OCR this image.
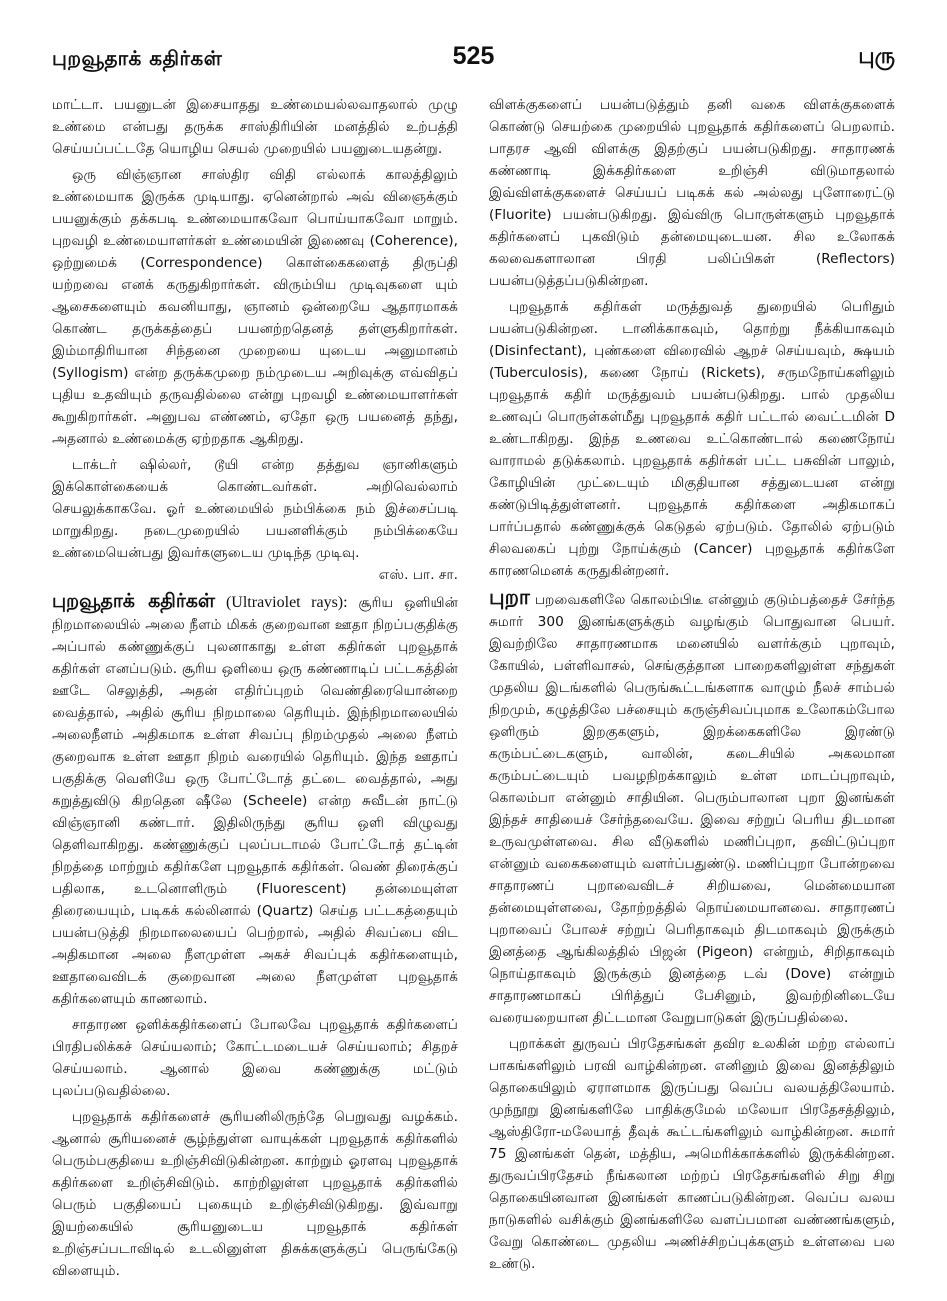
புறவூதாக் கதிர்கள்	525	புரு

மாட்டா. பயனுடன் இசையாதது உண்மையல்லவாதலால் முழு உண்மை என்பது தருக்க சாஸ்திரியின் மனத்தில் உற்பத்தி செய்யப்பட்டதே யொழிய செயல் முறையில் பயனுடையதன்று.

ஒரு விஞ்ஞான சாஸ்திர விதி எல்லாக் காலத்திலும் உண்மையாக இருக்க முடியாது. ஏனென்றால் அவ் விஞைக்கும் பயனுக்கும் தக்கபடி உண்மையாகவோ பொய்யாகவோ மாறும். புறவழி உண்மையாளர்கள் உண்மையின் இணைவு (Coherence), ஒற்றுமைக் (Correspondence) கொள்கைகளைத் திருப்தி யற்றவை எனக் கருதுகிறார்கள். விரும்பிய முடிவுகளை யும் ஆசைகளையும் கவனியாது, ஞானம் ஒன்றையே ஆதாரமாகக் கொண்ட தருக்கத்தைப் பயனற்றதெனத் தள்ளுகிறார்கள். இம்மாதிரியான சிந்தனை முறையை யுடைய அனுமானம் (Syllogism) என்ற தருக்கமுறை நம்முடைய அறிவுக்கு எவ்விதப் புதிய உதவியும் தருவதில்லை என்று புறவழி உண்மையாளர்கள் கூறுகிறார்கள். அனுபவ எண்ணம், ஏதோ ஒரு பயனைத் தந்து, அதனால் உண்மைக்கு ஏற்றதாக ஆகிறது.

டாக்டர் ஷில்லர், டூயி என்ற தத்துவ ஞானிகளும் இக்கொள்கையைக் கொண்டவர்கள். அறிவெல்லாம் செயலுக்காகவே. ஓர் உண்மையில் நம்பிக்கை நம் இச்சைப்படி மாறுகிறது. நடைமுறையில் பயனளிக்கும் நம்பிக்கையே உண்மையென்பது இவர்களுடைய முடிந்த முடிவு.

எஸ். பா. சா.

புறவூதாக் கதிர்கள் (Ultraviolet rays): சூரிய ஒளியின் நிறமாலையில் அலை நீளம் மிகக் குறைவான ஊதா நிறப்பகுதிக்கு அப்பால் கண்ணுக்குப் புலனாகாது உள்ள கதிர்கள் புறவூதாக் கதிர்கள் எனப்படும். சூரிய ஒளியை ஒரு கண்ணாடிப் பட்டகத்தின் ஊடே செலுத்தி, அதன் எதிர்ப்புறம் வெண்திரையொன்றை வைத்தால், அதில் சூரிய நிறமாலை தெரியும். இந்நிறமாலையில் அலைநீளம் அதிகமாக உள்ள சிவப்பு நிறம்முதல் அலை நீளம் குறைவாக உள்ள ஊதா நிறம் வரையில் தெரியும். இந்த ஊதாப் பகுதிக்கு வெளியே ஒரு போட்டோத் தட்டை வைத்தால், அது கறுத்துவிடு கிறதென ஷீலே (Scheele) என்ற சுவீடன் நாட்டு விஞ்ஞானி கண்டார். இதிலிருந்து சூரிய ஒளி விழுவது தெளிவாகிறது. கண்ணுக்குப் புலப்படாமல் போட்டோத் தட்டின் நிறத்தை மாற்றும் கதிர்களே புறவூதாக் கதிர்கள். வெண் திரைக்குப் பதிலாக, உடனொளிரும் (Fluorescent) தன்மையுள்ள திரையையும், படிகக் கல்லினால் (Quartz) செய்த பட்டகத்தையும் பயன்படுத்தி நிறமாலையைப் பெற்றால், அதில் சிவப்பை விட அதிகமான அலை நீளமுள்ள அகச் சிவப்புக் கதிர்களையும், ஊதாவைவிடக் குறைவான அலை நீளமுள்ள புறவூதாக் கதிர்களையும் காணலாம்.

சாதாரண ஒளிக்கதிர்களைப் போலவே புறவூதாக் கதிர்களைப் பிரதிபலிக்கச் செய்யலாம்; கோட்டமடையச் செய்யலாம்; சிதறச் செய்யலாம். ஆனால் இவை கண்ணுக்கு மட்டும் புலப்படுவதில்லை.

புறவூதாக் கதிர்களைச் சூரியனிலிருந்தே பெறுவது வழக்கம். ஆனால் சூரியனைச் சூழ்ந்துள்ள வாயுக்கள் புறவூதாக் கதிர்களில் பெரும்பகுதியை உறிஞ்சிவிடுகின்றன. காற்றும் ஓரளவு புறவூதாக் கதிர்களை உறிஞ்சிவிடும். காற்றிலுள்ள புறவூதாக் கதிர்களில் பெரும் பகுதியைப் புகையும் உறிஞ்சிவிடுகிறது. இவ்வாறு இயற்கையில் சூரியனுடைய புறவூதாக் கதிர்கள் உறிஞ்சப்படாவிடில் உடலினுள்ள திசுக்களுக்குப் பெருங்கேடு விளையும்.

விளக்குகளைப் பயன்படுத்தும் தனி வகை விளக்குகளைக் கொண்டு செயற்கை முறையில் புறவூதாக் கதிர்களைப் பெறலாம். பாதரச ஆவி விளக்கு இதற்குப் பயன்படுகிறது. சாதாரணக் கண்ணாடி இக்கதிர்களை உறிஞ்சி விடுமாதலால் இவ்விளக்குகளைச் செய்யப் படிகக் கல் அல்லது புளோரைட்டு (Fluorite) பயன்படுகிறது. இவ்விரு பொருள்களும் புறவூதாக் கதிர்களைப் புகவிடும் தன்மையுடையன. சில உலோகக் கலவைகளாலான பிரதி பலிப்பிகள் (Reflectors) பயன்படுத்தப்படுகின்றன.

புறவூதாக் கதிர்கள் மருத்துவத் துறையில் பெரிதும் பயன்படுகின்றன. டானிக்காகவும், தொற்று நீக்கியாகவும் (Disinfectant), புண்களை விரைவில் ஆறச் செய்யவும், க்ஷயம் (Tuberculosis), கணை நோய் (Rickets), சருமநோய்களிலும் புறவூதாக் கதிர் மருத்துவம் பயன்படுகிறது. பால் முதலிய உணவுப் பொருள்கள்மீது புறவூதாக் கதிர் பட்டால் வைட்டமின் D உண்டாகிறது. இந்த உணவை உட்கொண்டால் கணைநோய் வாராமல் தடுக்கலாம். புறவூதாக் கதிர்கள் பட்ட பசுவின் பாலும், கோழியின் முட்டையும் மிகுதியான சத்துடையன என்று கண்டுபிடித்துள்ளனர். புறவூதாக் கதிர்களை அதிகமாகப் பார்ப்பதால் கண்ணுக்குக் கெடுதல் ஏற்படும். தோலில் ஏற்படும் சிலவகைப் புற்று நோய்க்கும் (Cancer) புறவூதாக் கதிர்களே காரணமெனக் கருதுகின்றனர்.

புறா பறவைகளிலே கொலம்பிடீ என்னும் குடும்பத்தைச் சேர்ந்த சுமார் 300 இனங்களுக்கும் வழங்கும் பொதுவான பெயர். இவற்றிலே சாதாரணமாக மனையில் வளர்க்கும் புறாவும், கோயில், பள்ளிவாசல், செங்குத்தான பாறைகளிலுள்ள சந்துகள் முதலிய இடங்களில் பெருங்கூட்டங்களாக வாழும் நீலச் சாம்பல் நிறமும், கழுத்திலே பச்சையும் கருஞ்சிவப்புமாக உலோகம்போல ஒளிரும் இறகுகளும், இறக்கைகளிலே இரண்டு கரும்பட்டைகளும், வாலின், கடைசியில் அகலமான கரும்பட்டையும் பவழநிறக்காலும் உள்ள மாடப்புறாவும், கொலம்பா என்னும் சாதியின. பெரும்பாலான புறா இனங்கள் இந்தச் சாதியைச் சேர்ந்தவையே. இவை சற்றுப் பெரிய திடமான உருவமுள்ளவை. சில வீடுகளில் மணிப்புறா, தவிட்டுப்புறா என்னும் வகைகளையும் வளர்ப்பதுண்டு. மணிப்புறா போன்றவை சாதாரணப் புறாவைவிடச் சிறியவை, மென்மையான தன்மையுள்ளவை, தோற்றத்தில் நொய்மையானவை. சாதாரணப் புறாவைப் போலச் சற்றுப் பெரிதாகவும் திடமாகவும் இருக்கும் இனத்தை ஆங்கிலத்தில் பிஜன் (Pigeon) என்றும், சிறிதாகவும் நொய்தாகவும் இருக்கும் இனத்தை டவ் (Dove) என்றும் சாதாரணமாகப் பிரித்துப் பேசினும், இவற்றினிடையே வரையறையான திட்டமான வேறுபாடுகள் இருப்பதில்லை.

புறாக்கள் துருவப் பிரதேசங்கள் தவிர உலகின் மற்ற எல்லாப் பாகங்களிலும் பரவி வாழ்கின்றன. எனினும் இவை இனத்திலும் தொகையிலும் ஏராளமாக இருப்பது வெப்ப வலயத்திலேயாம். முந்நூறு இனங்களிலே பாதிக்குமேல் மலேயா பிரதேசத்திலும், ஆஸ்திரோ-மலேயாத் தீவுக் கூட்டங்களிலும் வாழ்கின்றன. சுமார் 75 இனங்கள் தென், மத்திய, அமெரிக்காக்களில் இருக்கின்றன. துருவப்பிரதேசம் நீங்கலான மற்றப் பிரதேசங்களில் சிறு சிறு தொகையினவான இனங்கள் காணப்படுகின்றன. வெப்ப வலய நாடுகளில் வசிக்கும் இனங்களிலே வளப்பமான வண்ணங்களும், வேறு கொண்டை முதலிய அணிச்சிறப்புக்களும் உள்ளவை பல உண்டு.
